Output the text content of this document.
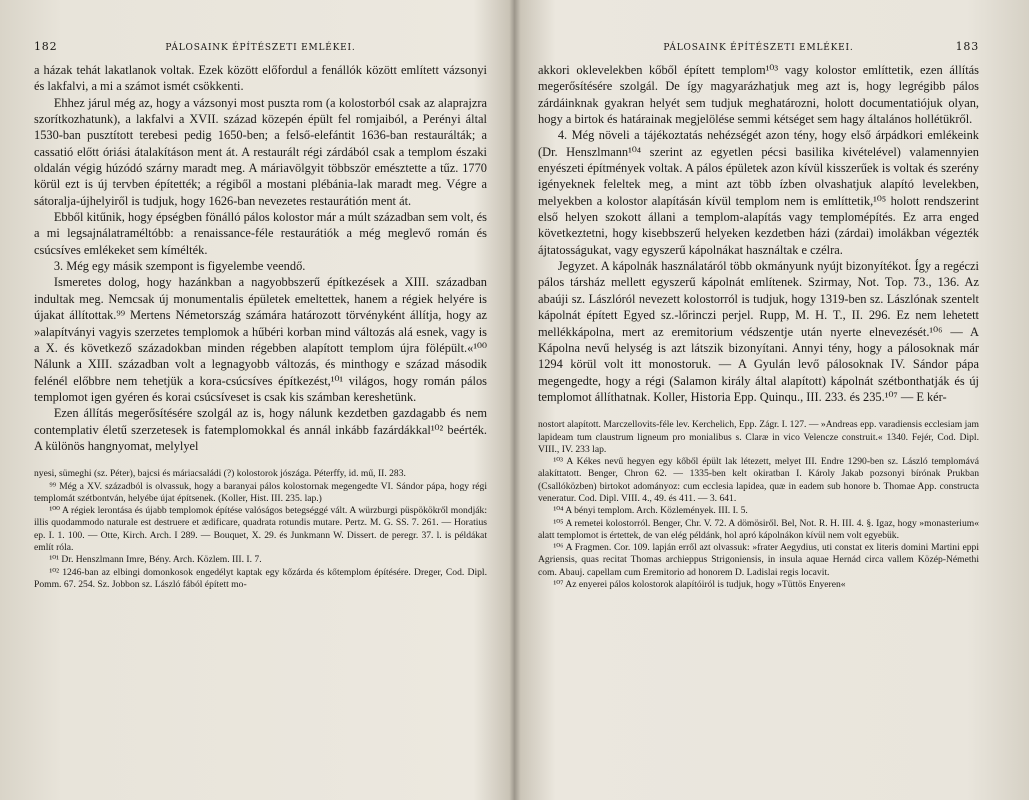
182	PÁLOSAINK ÉPÍTÉSZETI EMLÉKEI.

a házak tehát lakatlanok voltak. Ezek között előfordul a fenállók között említett vázsonyi és lakfalvi, a mi a számot ismét csökkenti.

Ehhez járul még az, hogy a vázsonyi most puszta rom (a kolostorból csak az alaprajzra szorítkozhatunk), a lakfalvi a XVII. század közepén épült fel romjaiból, a Perényi által 1530-ban pusztított terebesi pedig 1650-ben; a felső-elefántit 1636-ban restaurálták; a cassatió előtt óriási átalakításon ment át. A restaurált régi zárdából csak a templom északi oldalán végig húzódó szárny maradt meg. A máriavölgyit többször emésztette a tűz. 1770 körül ezt is új tervben építették; a régiből a mostani plébánia-lak maradt meg. Végre a sátoralja-újhelyiről is tudjuk, hogy 1626-ban nevezetes restaurátión ment át.

Ebből kitűnik, hogy épségben fönálló pálos kolostor már a múlt században sem volt, és a mi legsajnálatraméltóbb: a renaissance-féle restaurátiók a még meglevő román és csúcsíves emlékeket sem kímélték.

3. Még egy másik szempont is figyelembe veendő.

Ismeretes dolog, hogy hazánkban a nagyobbszerű építkezések a XIII. században indultak meg. Nemcsak új monumentalis épületek emeltettek, hanem a régiek helyére is újakat állítottak.⁹⁹ Mertens Németország számára határozott törvényként állítja, hogy az »alapítványi vagyis szerzetes templomok a hűbéri korban mind változás alá esnek, vagy is a X. és következő századokban minden régebben alapított templom újra fölépült.«¹⁰⁰ Nálunk a XIII. században volt a legnagyobb változás, és minthogy e század második felénél előbbre nem tehetjük a kora-csúcsíves építkezést,¹⁰¹ világos, hogy román pálos templomot igen gyéren és korai csúcsíveset is csak kis számban kereshetünk.

Ezen állítás megerősítésére szolgál az is, hogy nálunk kezdetben gazdagabb és nem contemplativ életű szerzetesek is fatemplomokkal és annál inkább fazárdákkal¹⁰² beérték. A különös hangnyomat, melylyel

nyesi, sümeghi (sz. Péter), bajcsi és máriacsaládi (?) kolostorok jószága. Péterffy, id. mű, II. 283.

⁹⁹ Még a XV. századból is olvassuk, hogy a baranyai pálos kolostornak megengedte VI. Sándor pápa, hogy régi templomát szétbontván, helyébe újat építsenek. (Koller, Hist. III. 235. lap.)

¹⁰⁰ A régiek lerontása és újabb templomok építése valóságos betegséggé vált. A würzburgi püspökökről mondják: illis quodammodo naturale est destruere et ædificare, quadrata rotundis mutare. Pertz. M. G. SS. 7. 261. — Horatius ep. I. 1. 100. — Otte, Kirch. Arch. I 289. — Bouquet, X. 29. és Junkmann W. Dissert. de peregr. 37. l. is példákat említ róla.

¹⁰¹ Dr. Henszlmann Imre, Bény. Arch. Közlem. III. I. 7.

¹⁰² 1246-ban az elbingi domonkosok engedélyt kaptak egy kőzárda és kőtemplom építésére. Dreger, Cod. Dipl. Pomm. 67. 254. Sz. Jobbon sz. László fából épített mo-

PÁLOSAINK ÉPÍTÉSZETI EMLÉKEI.	183

akkori oklevelekben kőből épített templom¹⁰³ vagy kolostor említtetik, ezen állítás megerősítésére szolgál. De így magyarázhatjuk meg azt is, hogy legrégibb pálos zárdáinknak gyakran helyét sem tudjuk meghatározni, holott documentatiójuk olyan, hogy a birtok és határainak megjelölése semmi kétséget sem hagy általános hollétükről.

4. Még növeli a tájékoztatás nehézségét azon tény, hogy első árpádkori emlékeink (Dr. Henszlmann¹⁰⁴ szerint az egyetlen pécsi basilika kivételével) valamennyien enyészeti építmények voltak. A pálos épületek azon kívül kisszerűek is voltak és szerény igényeknek feleltek meg, a mint azt több ízben olvashatjuk alapító levelekben, melyekben a kolostor alapításán kívül templom nem is említtetik,¹⁰⁵ holott rendszerint első helyen szokott állani a templom-alapítás vagy templomépítés. Ez arra enged következtetni, hogy kisebbszerű helyeken kezdetben házi (zárdai) imolákban végezték ájtatosságukat, vagy egyszerű kápolnákat használtak e czélra.

Jegyzet. A kápolnák használatáról több okmányunk nyújt bizonyítékot. Így a regéczi pálos társház mellett egyszerű kápolnát említenek. Szirmay, Not. Top. 73., 136. Az abaúji sz. Lászlóról nevezett kolostorról is tudjuk, hogy 1319-ben sz. Lászlónak szentelt kápolnát épített Egyed sz.-lőrinczi perjel. Rupp, M. H. T., II. 296. Ez nem lehetett mellékkápolna, mert az eremitorium védszentje után nyerte elnevezését.¹⁰⁶ — A Kápolna nevű helység is azt látszik bizonyítani. Annyi tény, hogy a pálosoknak már 1294 körül volt itt monostoruk. — A Gyulán levő pálosoknak IV. Sándor pápa megengedte, hogy a régi (Salamon király által alapított) kápolnát szétbonthatják és új templomot állíthatnak. Koller, Historia Epp. Quinqu., III. 233. és 235.¹⁰⁷ — E kér-

nostort alapított. Marczellovits-féle lev. Kercheliсh, Epp. Zágr. I. 127. — »Andreas epp. varadiensis ecclesiam jam lapideam tum claustrum ligneum pro monialibus s. Claræ in vico Velencze construit.« 1340. Fejér, Cod. Dipl. VIII., IV. 233 lap.

¹⁰³ A Kékes nevű hegyen egy kőből épült lak létezett, melyet III. Endre 1290-ben sz. László templomává alakíttatott. Benger, Chron 62. — 1335-ben kelt okiratban I. Károly Jakab pozsonyi bírónak Prukban (Csallóközben) birtokot adományoz: cum ecclesia lapidea, quæ in eadem sub honore b. Thomae App. constructa veneratur. Cod. Dipl. VIII. 4., 49. és 411. — 3. 641.

¹⁰⁴ A bényi templom. Arch. Közlemények. III. I. 5.

¹⁰⁵ A remetei kolostorról. Benger, Chr. V. 72. A dömösiről. Bel, Not. R. H. III. 4. §. Igaz, hogy »monasterium« alatt templomot is értettek, de van elég példánk, hol apró kápolnákon kívül nem volt egyebük.

¹⁰⁶ A Fragmen. Cor. 109. lapján erről azt olvassuk: »frater Aegydius, uti constat ex literis domini Martini eppi Agriensis, quas recitat Thomas archieppus Strigoniensis, in insula aquae Hernád circa vallem Közép-Némethi com. Abauj. capellam cum Eremitorio ad honorem D. Ladislai regis locavit.

¹⁰⁷ Az enyerei pálos kolostorok alapítóiról is tudjuk, hogy »Tüttös Enyeren«
